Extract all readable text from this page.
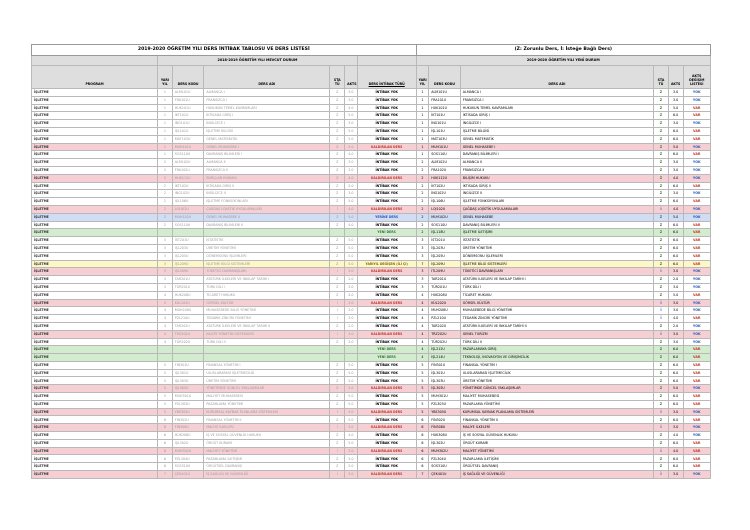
2019-2020 ÖĞRETİM YILI DERS İNTİBAK TABLOSU VE DERS LİSTESİ							(Z: Zorunlu Ders, İ: İsteğe Bağlı Ders)					
	2018-2019 ÖĞRETİM YILI MEVCUT DURUM						2019-2020 ÖĞRETİM YILI YENİ DURUM					
PROGRAM	YARI YIL	DERS KODU	DERS ADI	STA TÜ	AKTS	DERS İNTİBAK TÜRÜ	YARI YIL	DERS KODU	DERS ADI	STA TÜ	AKTS	AKTS DEĞİŞİM LİSTESİ
İŞLETME	1	ALM101U	ALMANCA I	Z	3.0	İNTİBAK YOK	1	ALM101U	ALMANCA I	Z	3.0	YOK
İŞLETME	1	FRA101U	FRANSIZCA I	Z	3.0	İNTİBAK YOK	1	FRA101U	FRANSIZCA I	Z	3.0	YOK
İŞLETME	1	HUK101U	HUKUKUN TEMEL KAVRAMLARI	Z	4.0	İNTİBAK YOK	1	HUK101U	HUKUKUN TEMEL KAVRAMLARI	Z	5.0	VAR
İŞLETME	1	İKT101U	İKTİSADA GİRİŞ I	Z	5.0	İNTİBAK YOK	1	İKT101U	İKTİSADA GİRİŞ I	Z	6.0	VAR
İŞLETME	1	İNG101U	İNGİLİZCE I	Z	3.0	İNTİBAK YOK	1	İNG101U	İNGİLİZCE I	Z	3.0	YOK
İŞLETME	1	İŞL101U	İŞLETME BİLGİSİ	Z	5.0	İNTİBAK YOK	1	İŞL101U	İŞLETME BİLGİSİ	Z	6.0	VAR
İŞLETME	1	MAT103U	GENEL MATEMATİK	Z	5.0	İNTİBAK YOK	1	MAT103U	GENEL MATEMATİK	Z	6.0	VAR
İŞLETME	1	MUH101U	GENEL MUHASEBE I	Z	5.0	KALDIRILAN DERS	1	MUH101U	GENEL MUHASEBE I	Z	5.0	YOK
İŞLETME	1	SOS110U	DAVRANIŞ BİLİMLERİ I	Z	4.0	İNTİBAK YOK	1	SOS110U	DAVRANIŞ BİLİMLERİ I	Z	6.0	VAR
İŞLETME	2	ALM102U	ALMANCA II	Z	3.0	İNTİBAK YOK	2	ALM102U	ALMANCA II	Z	3.0	YOK
İŞLETME	2	FRA102U	FRANSIZCA II	Z	3.0	İNTİBAK YOK	2	FRA102U	FRANSIZCA II	Z	3.0	YOK
İŞLETME	2	HUK112U	BORÇLAR HUKUKU	Z	4.0	KALDIRILAN DERS	2	HUK112U	BİLİŞİM HUKUKU	Z	4.0	YOK
İŞLETME	2	İKT102U	İKTİSADA GİRİŞ II	Z	5.0	İNTİBAK YOK	2	İKT102U	İKTİSADA GİRİŞ II	Z	6.0	VAR
İŞLETME	2	İNG102U	İNGİLİZCE II	Z	3.0	İNTİBAK YOK	2	İNG102U	İNGİLİZCE II	Z	3.0	YOK
İŞLETME	2	İŞL106U	İŞLETME FONKSİYONLARI	Z	5.0	İNTİBAK YOK	2	İŞL106U	İŞLETME FONKSİYONLARI	Z	6.0	VAR
İŞLETME	2	LOJ102U	ÇAĞDAŞ LOJİSTİK UYGULAMALARI	İ	4.0	KALDIRILAN DERS	2	LOJ102U	ÇAĞDAŞ LOJİSTİK UYGULAMALARI	İ	4.0	YOK
İŞLETME	2	MUH102U	GENEL MUHASEBE II	Z	5.0	YERİNE DERS	2	MUH102U	GENEL MUHASEBE	Z	5.0	YOK
İŞLETME	2	SOS110U	DAVRANIŞ BİLİMLERİ II	Z	4.0	İNTİBAK YOK	2	SOS110U	DAVRANIŞ BİLİMLERİ II	Z	6.0	VAR
İŞLETME						YENİ DERS	2	İŞL118U	İŞLETME İLETİŞİMİ	Z	6.0	VAR
İŞLETME	3	İST201U	İSTATİSTİK	Z	5.0	İNTİBAK YOK	3	İST201U	İSTATİSTİK	Z	6.0	VAR
İŞLETME	3	İŞL203U	ÜRETİM YÖNETİMİ	Z	5.0	İNTİBAK YOK	3	İŞL203U	ÜRETİM YÖNETİMİ	Z	6.0	VAR
İŞLETME	3	İŞL205U	DÖNEMSONU İŞLEMLERİ	Z	5.0	İNTİBAK YOK	3	İŞL205U	DÖNEMSONU İŞLEMLERİ	Z	6.0	VAR
İŞLETME	3	İŞL209U	İŞLETME BİLGİ SİSTEMLERİ	Z	5.0	YARIYIL DEĞİŞEN (İLİ ÇI)	7	İŞL209U	İŞLETME BİLGİ SİSTEMLERİ	Z	6.0	VAR
İŞLETME	3	İŞL209U	TÜKETİCİ DAVRANIŞLARI	İ	3.0	KALDIRILAN DERS	3	İTL209U	TÜKETİCİ DAVRANIŞLARI	İ	3.0	YOK
İŞLETME	3	TAR201U	ATATÜRK İLKELERİ VE İNKILAP TARİHİ I	Z	2.0	İNTİBAK YOK	3	TAR201U	ATATÜRK İLKELERİ VE İNKILAP TARİHİ I	Z	2.0	YOK
İŞLETME	3	TÜR201U	TÜRK DİLİ I	Z	3.0	İNTİBAK YOK	3	TÜR201U	TÜRK DİLİ I	Z	3.0	YOK
İŞLETME	4	HUK208U	TİCARET HUKUKU	Z	4.0	İNTİBAK YOK	4	HUK208U	TİCARET HUKUKU	Z	5.0	VAR
İŞLETME	4	KÜL202U	GÖRSEL KÜLTÜR	İ	3.0	KALDIRILAN DERS	4	KÜL202U	GÖRSEL KÜLTÜR	İ	3.0	YOK
İŞLETME	4	MUH208U	MUHASEBEDE BİLGİ YÖNETİMİ	İ	3.0	İNTİBAK YOK	4	MUH208U	MUHASEBEDE BİLGİ YÖNETİMİ	İ	3.0	YOK
İŞLETME	4	PZL210U	TEDARİK ZİNCİRİ YÖNETİMİ	İ	3.0	İNTİBAK YOK	4	PZL210U	TEDARİK ZİNCİRİ YÖNETİMİ	İ	4.0	VAR
İŞLETME	4	TAR202U	ATATÜRK İLKELERİ VE İNKILAP TARİHİ II	Z	2.0	İNTİBAK YOK	4	TAR202U	ATATÜRK İLKELERİ VE İNKILAP TARİHİ II	Z	2.0	YOK
İŞLETME	4	TRZ202U	KALİTE YÖNETİM SİSTEMLERİ	İ	3.0	KALDIRILAN DERS	4	TRZ202U	GENEL TURİZM	İ	3.0	YOK
İŞLETME	4	TÜR202U	TÜRK DİLİ II	Z	3.0	İNTİBAK YOK	4	TÜR202U	TÜRK DİLİ II	Z	3.0	YOK
İŞLETME						YENİ DERS	4	İŞL212U	PAZARLAMAYA GİRİŞ	Z	6.0	VAR
İŞLETME						YENİ DERS	4	İŞL214U	TEKNOLOJİ, İNOVASYON VE GİRİŞİMCİLİK	Z	6.0	VAR
İŞLETME	5	FİN301U	FİNANSAL YÖNETİM I	Z	5.0	İNTİBAK YOK	5	FİN301U	FİNANSAL YÖNETİM I	Z	6.0	VAR
İŞLETME	5	İŞL301U	ULUSLARARASI İŞLETMECİLİK	Z	5.0	İNTİBAK YOK	5	İŞL301U	ULUSLARARASI İŞLETMECİLİK	Z	6.0	VAR
İŞLETME	5	İŞL303U	ÜRETİM YÖNETİMİ	Z	5.0	İNTİBAK YOK	5	İŞL303U	ÜRETİM YÖNETİMİ	Z	6.0	VAR
İŞLETME	5	İŞL305U	YÖNETİMDE GÜNCEL YAKLAŞIMLAR	Z	5.0	KALDIRILAN DERS	5	İŞL305U	YÖNETİMDE GÜNCEL YAKLAŞIMLAR	Z	5.0	YOK
İŞLETME	5	MUH301U	MALİYET MUHASEBESİ	Z	5.0	İNTİBAK YOK	5	MUH301U	MALİYET MUHASEBESİ	Z	6.0	VAR
İŞLETME	5	PZL303U	PAZARLAMA YÖNETİMİ	Z	5.0	İNTİBAK YOK	5	PZL303U	PAZARLAMA YÖNETİMİ	Z	6.0	VAR
İŞLETME	5	YBS305U	KURUMSAL KAYNAK PLANLAMA SİSTEMLERİ	İ	3.0	KALDIRILAN DERS	5	YBS305U	KURUMSAL KAYNAK PLANLAMA SİSTEMLERİ	İ	3.0	YOK
İŞLETME	6	FİN302U	FİNANSAL YÖNETİM II	Z	5.0	İNTİBAK YOK	6	FİN302U	FİNANSAL YÖNETİM II	Z	6.0	VAR
İŞLETME	6	FİN308U	MALİYE İLKELERİ	İ	3.0	KALDIRILAN DERS	6	FİN308U	MALİYE İLKELERİ	İ	3.0	YOK
İŞLETME	6	HUK308U	İŞ VE SOSYAL GÜVENLİK HUKUKU	Z	4.0	İNTİBAK YOK	6	HUK308U	İŞ VE SOSYAL GÜVENLİK HUKUKU	Z	4.0	YOK
İŞLETME	6	İŞL302U	ÖRGÜT KURAMI	Z	5.0	İNTİBAK YOK	6	İŞL302U	ÖRGÜT KURAMI	Z	6.0	VAR
İŞLETME	6	MUH302U	MALİYET YÖNETİMİ	İ	3.0	KALDIRILAN DERS	6	MUH302U	MALİYET YÖNETİMİ	İ	4.0	VAR
İŞLETME	6	PZL304U	PAZARLAMA İLETİŞİMİ	Z	5.0	İNTİBAK YOK	6	PZL304U	PAZARLAMA İLETİŞİMİ	Z	6.0	VAR
İŞLETME	6	SOS310U	ÖRGÜTSEL DAVRANIŞ	Z	5.0	İNTİBAK YOK	6	SOS310U	ÖRGÜTSEL DAVRANIŞ	Z	6.0	VAR
İŞLETME	7	ÇEK401U	İŞ SAĞLIĞI VE GÜVENLİĞİ	İ	3.0	KALDIRILAN DERS	7	ÇEK401U	İŞ SAĞLIĞI VE GÜVENLİĞİ	İ	3.0	YOK
